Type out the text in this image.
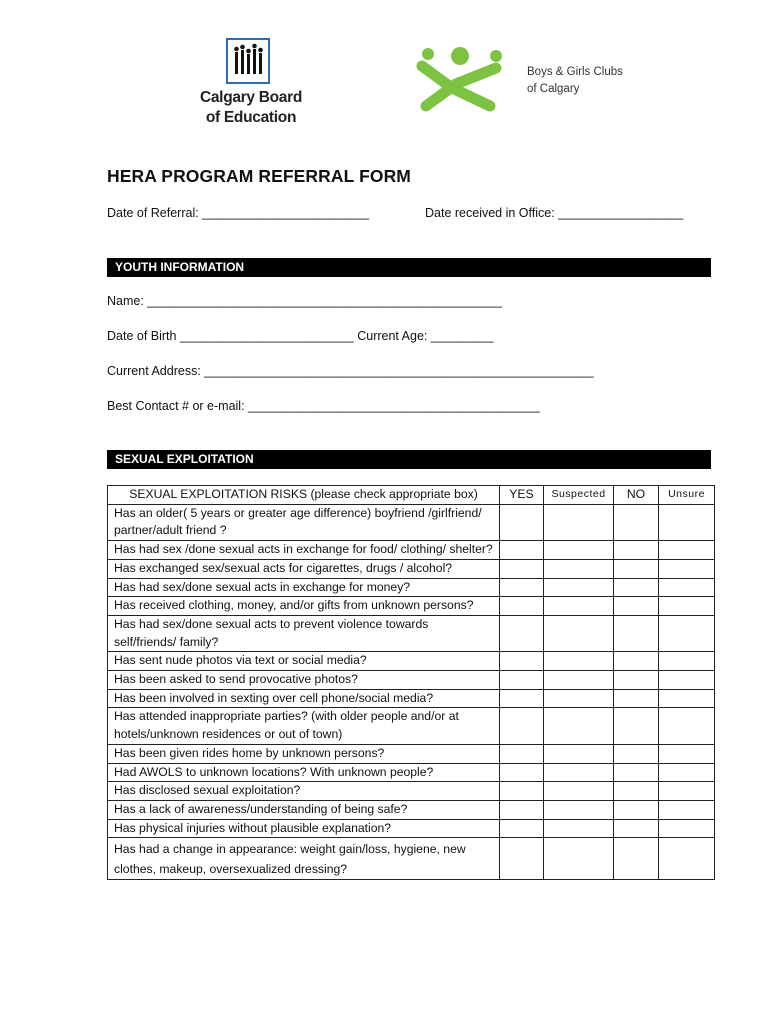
Calgary Board
of Education
Boys & Girls Clubs
of Calgary
HERA PROGRAM REFERRAL FORM
Date of Referral: ________________________	Date received in Office: __________________
YOUTH INFORMATION
Name: ___________________________________________________
Date of Birth _________________________ Current Age: _________
Current Address: ________________________________________________________
Best Contact # or e-mail: __________________________________________
SEXUAL EXPLOITATION
SEXUAL EXPLOITATION RISKS (please check appropriate box)	YES	Suspected	NO	Unsure
Has an older( 5 years or greater age difference) boyfriend /girlfriend/ partner/adult friend ?				
Has had sex /done sexual acts in exchange for food/ clothing/ shelter?				
Has exchanged sex/sexual acts for cigarettes, drugs / alcohol?				
Has had sex/done sexual acts in exchange for money?				
Has received clothing, money, and/or gifts from unknown persons?				
Has had sex/done sexual acts to prevent violence towards self/friends/ family?				
Has sent nude photos via text or social media?				
Has been asked to send provocative photos?				
Has been involved in sexting over cell phone/social media?				
Has attended inappropriate parties? (with older people and/or at hotels/unknown residences or out of town)				
Has been given rides home by unknown persons?				
Had AWOLS to unknown locations? With unknown people?				
Has disclosed sexual exploitation?				
Has a lack of awareness/understanding of being safe?				
Has physical injuries without plausible explanation?				
Has had a change in appearance: weight gain/loss, hygiene, new clothes, makeup, oversexualized dressing?				
